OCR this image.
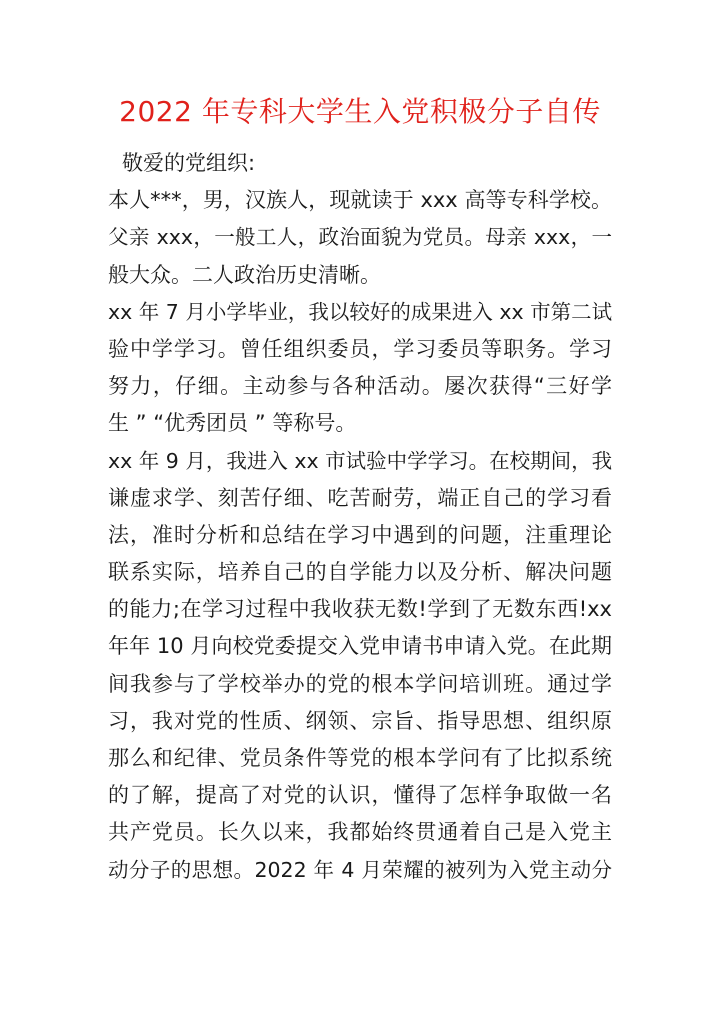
2022 年专科大学生入党积极分子自传
敬爱的党组织:
本人***，男，汉族人，现就读于 xxx 高等专科学校。
父亲 xxx，一般工人，政治面貌为党员。母亲 xxx，一
般大众。二人政治历史清晰。
xx 年 7 月小学毕业，我以较好的成果进入 xx 市第二试
验中学学习。曾任组织委员，学习委员等职务。学习
努力，仔细。主动参与各种活动。屡次获得“三好学
生 ” “优秀团员 ” 等称号。
xx 年 9 月，我进入 xx 市试验中学学习。在校期间，我
谦虚求学、刻苦仔细、吃苦耐劳，端正自己的学习看
法，准时分析和总结在学习中遇到的问题，注重理论
联系实际，培养自己的自学能力以及分析、解决问题
的能力;在学习过程中我收获无数!学到了无数东西!xx
年年 10 月向校党委提交入党申请书申请入党。在此期
间我参与了学校举办的党的根本学问培训班。通过学
习，我对党的性质、纲领、宗旨、指导思想、组织原
那么和纪律、党员条件等党的根本学问有了比拟系统
的了解，提高了对党的认识，懂得了怎样争取做一名
共产党员。长久以来，我都始终贯通着自己是入党主
动分子的思想。2022 年 4 月荣耀的被列为入党主动分
